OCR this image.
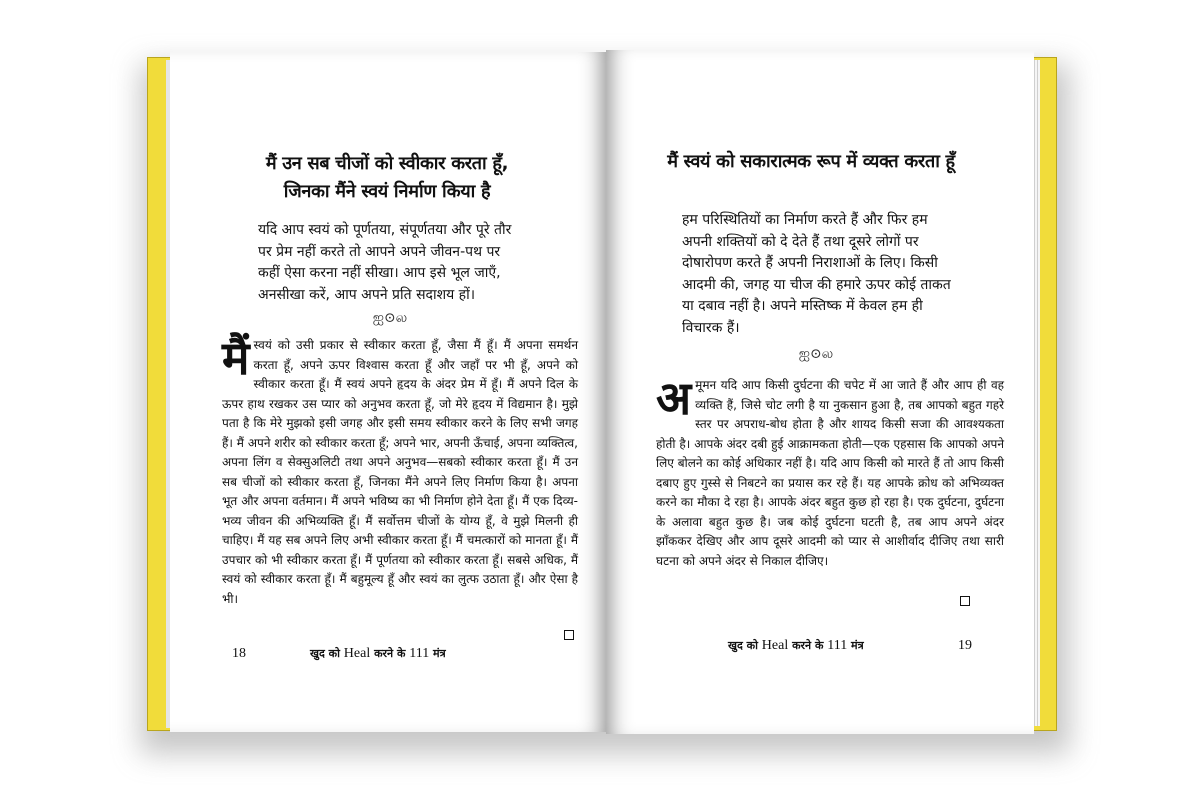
मैं उन सब चीजों को स्वीकार करता हूँ,
जिनका मैंने स्वयं निर्माण किया है
यदि आप स्वयं को पूर्णतया, संपूर्णतया और पूरे तौर पर प्रेम नहीं करते तो आपने अपने जीवन-पथ पर कहीं ऐसा करना नहीं सीखा। आप इसे भूल जाएँ, अनसीखा करें, आप अपने प्रति सदाशय हों।
ஐ⊙ல
मैंस्वयं को उसी प्रकार से स्वीकार करता हूँ, जैसा मैं हूँ। मैं अपना समर्थन करता हूँ, अपने ऊपर विश्वास करता हूँ और जहाँ पर भी हूँ, अपने को स्वीकार करता हूँ। मैं स्वयं अपने हृदय के अंदर प्रेम में हूँ। मैं अपने दिल के ऊपर हाथ रखकर उस प्यार को अनुभव करता हूँ, जो मेरे हृदय में विद्यमान है। मुझे पता है कि मेरे मुझको इसी जगह और इसी समय स्वीकार करने के लिए सभी जगह हैं। मैं अपने शरीर को स्वीकार करता हूँ; अपने भार, अपनी ऊँचाई, अपना व्यक्तित्व, अपना लिंग व सेक्सुअलिटी तथा अपने अनुभव—सबको स्वीकार करता हूँ। मैं उन सब चीजों को स्वीकार करता हूँ, जिनका मैंने अपने लिए निर्माण किया है। अपना भूत और अपना वर्तमान। मैं अपने भविष्य का भी निर्माण होने देता हूँ। मैं एक दिव्य-भव्य जीवन की अभिव्यक्ति हूँ। मैं सर्वोत्तम चीजों के योग्य हूँ, वे मुझे मिलनी ही चाहिए। मैं यह सब अपने लिए अभी स्वीकार करता हूँ। मैं चमत्कारों को मानता हूँ। मैं उपचार को भी स्वीकार करता हूँ। मैं पूर्णतया को स्वीकार करता हूँ। सबसे अधिक, मैं स्वयं को स्वीकार करता हूँ। मैं बहुमूल्य हूँ और स्वयं का लुत्फ उठाता हूँ। और ऐसा है भी।
18	खुद को Heal करने के 111 मंत्र
मैं स्वयं को सकारात्मक रूप में व्यक्त करता हूँ
हम परिस्थितियों का निर्माण करते हैं और फिर हम अपनी शक्तियों को दे देते हैं तथा दूसरे लोगों पर दोषारोपण करते हैं अपनी निराशाओं के लिए। किसी आदमी की, जगह या चीज की हमारे ऊपर कोई ताकत या दबाव नहीं है। अपने मस्तिष्क में केवल हम ही विचारक हैं।
ஐ⊙ல
अमूमन यदि आप किसी दुर्घटना की चपेट में आ जाते हैं और आप ही वह व्यक्ति हैं, जिसे चोट लगी है या नुकसान हुआ है, तब आपको बहुत गहरे स्तर पर अपराध-बोध होता है और शायद किसी सजा की आवश्यकता होती है। आपके अंदर दबी हुई आक्रामकता होती—एक एहसास कि आपको अपने लिए बोलने का कोई अधिकार नहीं है। यदि आप किसी को मारते हैं तो आप किसी दबाए हुए गुस्से से निबटने का प्रयास कर रहे हैं। यह आपके क्रोध को अभिव्यक्त करने का मौका दे रहा है। आपके अंदर बहुत कुछ हो रहा है। एक दुर्घटना, दुर्घटना के अलावा बहुत कुछ है। जब कोई दुर्घटना घटती है, तब आप अपने अंदर झाँककर देखिए और आप दूसरे आदमी को प्यार से आशीर्वाद दीजिए तथा सारी घटना को अपने अंदर से निकाल दीजिए।
खुद को Heal करने के 111 मंत्र	19
